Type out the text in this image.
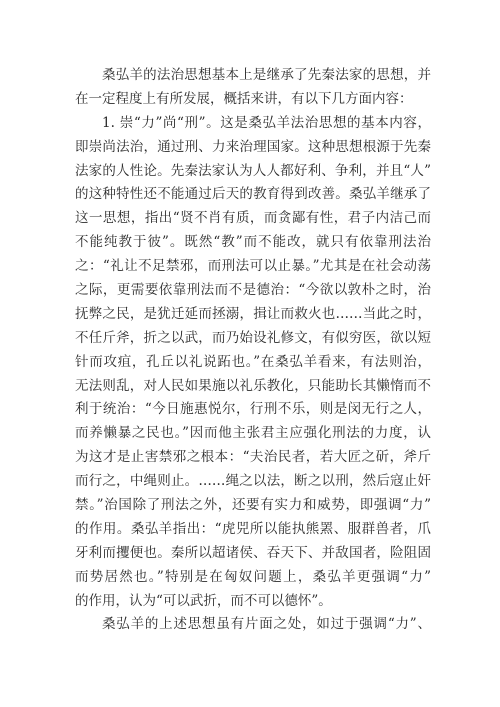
桑弘羊的法治思想基本上是继承了先秦法家的思想，并
在一定程度上有所发展，概括来讲，有以下几方面内容：
1. 崇“力”尚“刑”。这是桑弘羊法治思想的基本内容，
即崇尚法治，通过刑、力来治理国家。这种思想根源于先秦
法家的人性论。先秦法家认为人人都好利、争利，并且“人”
的这种特性还不能通过后天的教育得到改善。桑弘羊继承了
这一思想，指出“贤不肖有质，而贪鄙有性，君子内洁己而
不能纯教于彼”。既然“教”而不能改，就只有依靠刑法治
之：“礼让不足禁邪，而刑法可以止暴。”尤其是在社会动荡
之际，更需要依靠刑法而不是德治：“今欲以敦朴之时，治
抚弊之民，是犹迁延而拯溺，揖让而救火也……当此之时，
不任斤斧，折之以武，而乃始设礼修文，有似穷医，欲以短
针而攻疽，孔丘以礼说跖也。”在桑弘羊看来，有法则治，
无法则乱，对人民如果施以礼乐教化，只能助长其懒惰而不
利于统治：“今日施惠悦尔，行刑不乐，则是闵无行之人，
而养懒暴之民也。”因而他主张君主应强化刑法的力度，认
为这才是止害禁邪之根本：“夫治民者，若大匠之斫，斧斤
而行之，中绳则止。……绳之以法，断之以刑，然后寇止奸
禁。”治国除了刑法之外，还要有实力和威势，即强调“力”
的作用。桑弘羊指出：“虎兕所以能执熊罴、服群兽者，爪
牙利而攫便也。秦所以超诸侯、吞天下、并敌国者，险阻固
而势居然也。”特别是在匈奴问题上，桑弘羊更强调“力”
的作用，认为“可以武折，而不可以德怀”。
桑弘羊的上述思想虽有片面之处，如过于强调“力”、
